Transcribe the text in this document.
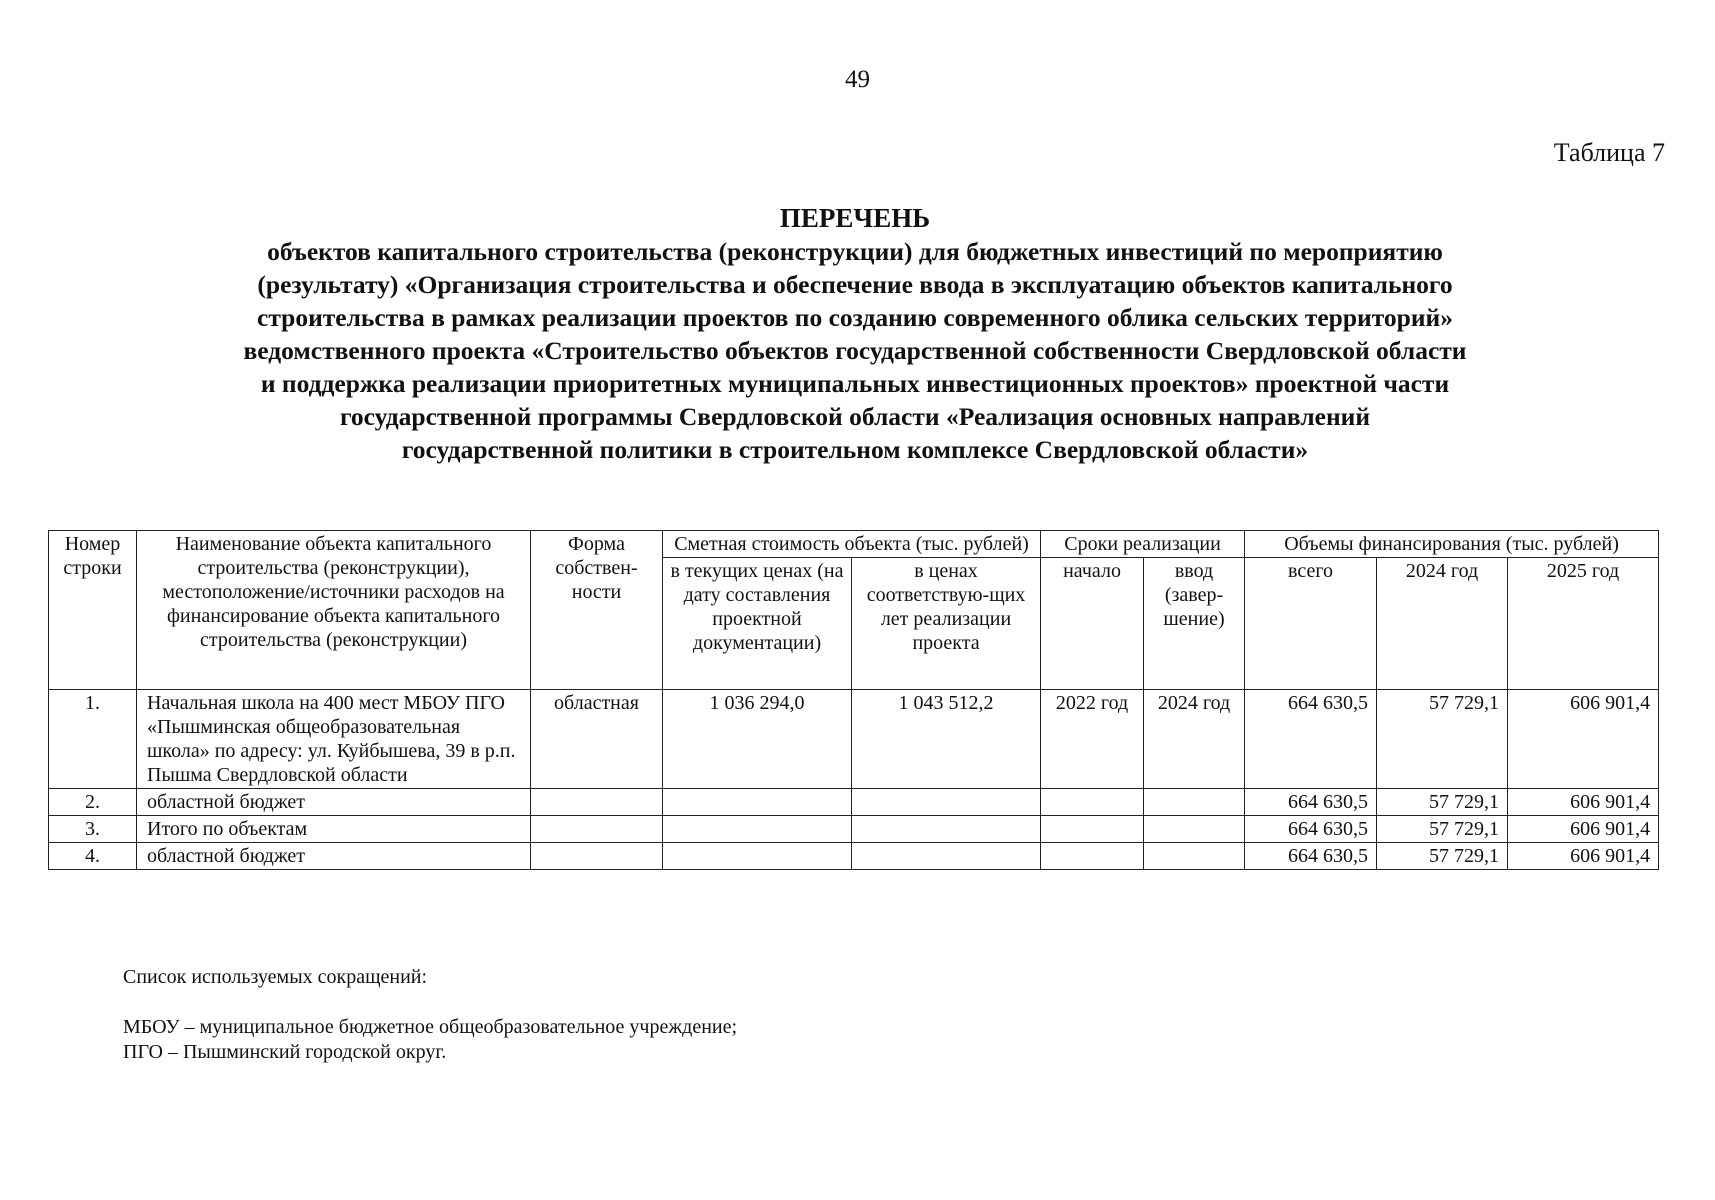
49
Таблица 7
ПЕРЕЧЕНЬ
объектов капитального строительства (реконструкции) для бюджетных инвестиций по мероприятию
(результату) «Организация строительства и обеспечение ввода в эксплуатацию объектов капитального
строительства в рамках реализации проектов по созданию современного облика сельских территорий»
ведомственного проекта «Строительство объектов государственной собственности Свердловской области
и поддержка реализации приоритетных муниципальных инвестиционных проектов» проектной части
государственной программы Свердловской области «Реализация основных направлений
государственной политики в строительном комплексе Свердловской области»
Номер строки	Наименование объекта капитального строительства (реконструкции), местоположение/источники расходов на финансирование объекта капитального строительства (реконструкции)	Форма собствен-ности	Сметная стоимость объекта (тыс. рублей)		Сроки реализации		Объемы финансирования (тыс. рублей)		
			в текущих ценах (на дату составления проектной документации)	в ценах соответствую-щих лет реализации проекта	начало	ввод (завер-шение)	всего	2024 год	2025 год
1.	Начальная школа на 400 мест МБОУ ПГО «Пышминская общеобразовательная школа» по адресу: ул. Куйбышева, 39 в р.п. Пышма Свердловской области	областная	1 036 294,0	1 043 512,2	2022 год	2024 год	664 630,5	57 729,1	606 901,4
2.	областной бюджет						664 630,5	57 729,1	606 901,4
3.	Итого по объектам						664 630,5	57 729,1	606 901,4
4.	областной бюджет						664 630,5	57 729,1	606 901,4
Список используемых сокращений:
МБОУ – муниципальное бюджетное общеобразовательное учреждение;
ПГО – Пышминский городской округ.
